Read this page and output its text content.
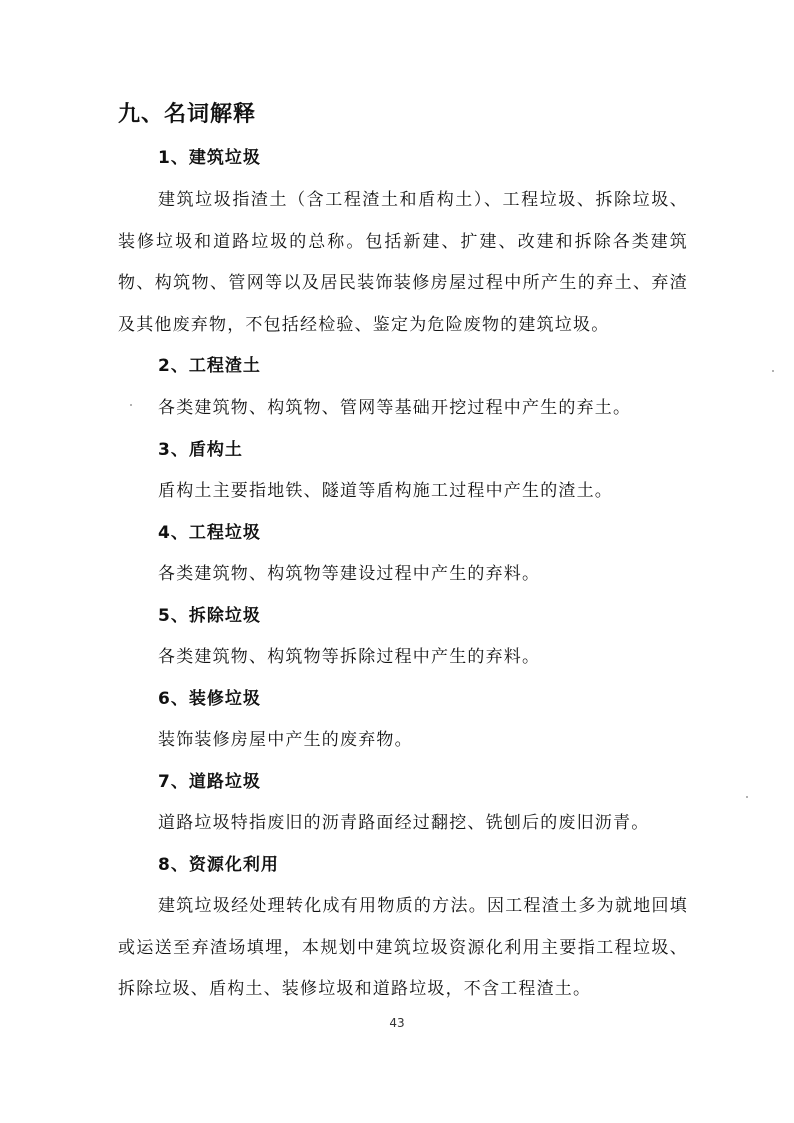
九、名词解释
1、建筑垃圾
建筑垃圾指渣土（含工程渣土和盾构土）、工程垃圾、拆除垃圾、装修垃圾和道路垃圾的总称。包括新建、扩建、改建和拆除各类建筑物、构筑物、管网等以及居民装饰装修房屋过程中所产生的弃土、弃渣及其他废弃物，不包括经检验、鉴定为危险废物的建筑垃圾。
2、工程渣土
各类建筑物、构筑物、管网等基础开挖过程中产生的弃土。
3、盾构土
盾构土主要指地铁、隧道等盾构施工过程中产生的渣土。
4、工程垃圾
各类建筑物、构筑物等建设过程中产生的弃料。
5、拆除垃圾
各类建筑物、构筑物等拆除过程中产生的弃料。
6、装修垃圾
装饰装修房屋中产生的废弃物。
7、道路垃圾
道路垃圾特指废旧的沥青路面经过翻挖、铣刨后的废旧沥青。
8、资源化利用
建筑垃圾经处理转化成有用物质的方法。因工程渣土多为就地回填或运送至弃渣场填埋，本规划中建筑垃圾资源化利用主要指工程垃圾、拆除垃圾、盾构土、装修垃圾和道路垃圾，不含工程渣土。
43
